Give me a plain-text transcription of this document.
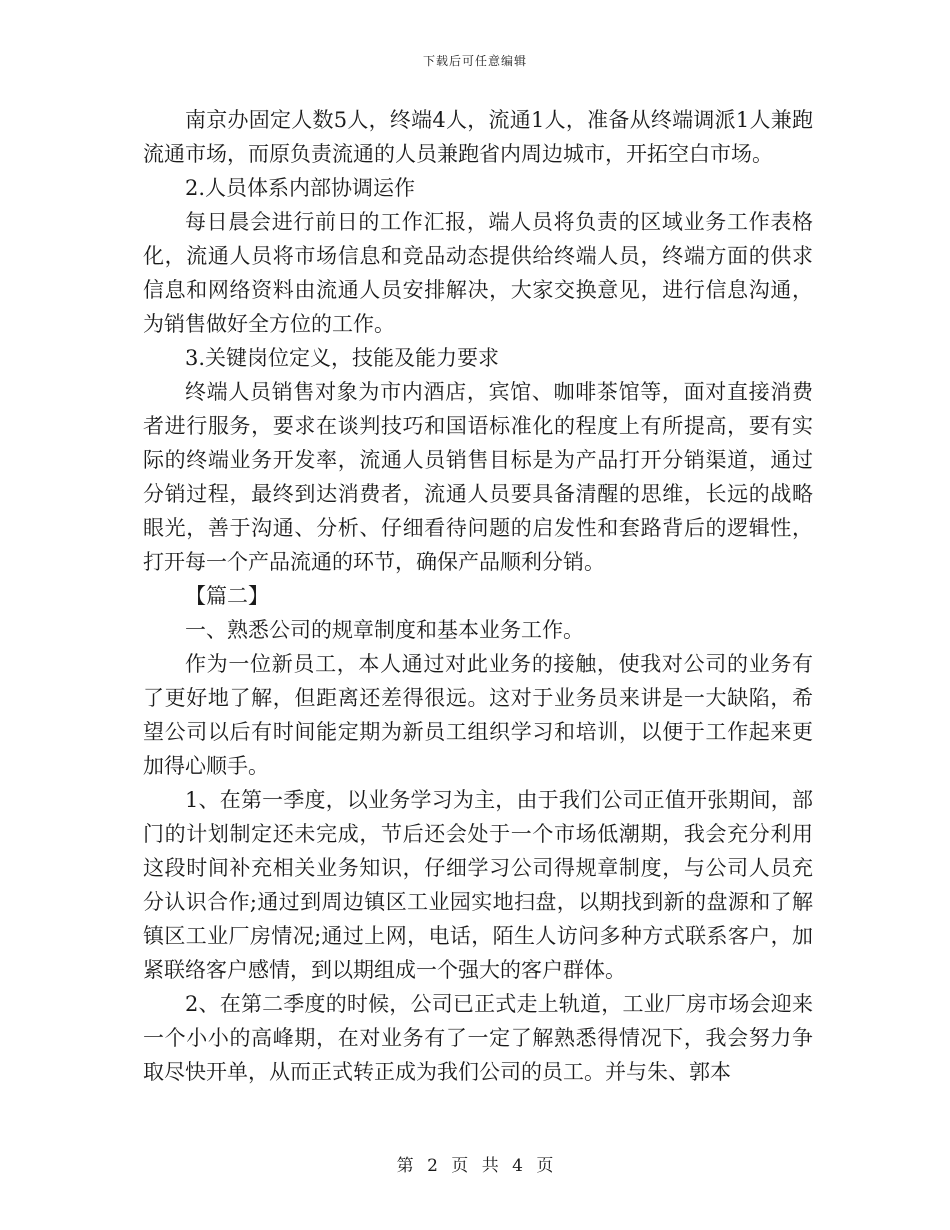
下载后可任意编辑

南京办固定人数5人，终端4人，流通1人，准备从终端调派1人兼跑流通市场，而原负责流通的人员兼跑省内周边城市，开拓空白市场。

2.人员体系内部协调运作

每日晨会进行前日的工作汇报，端人员将负责的区域业务工作表格化，流通人员将市场信息和竞品动态提供给终端人员，终端方面的供求信息和网络资料由流通人员安排解决，大家交换意见，进行信息沟通，为销售做好全方位的工作。

3.关键岗位定义，技能及能力要求

终端人员销售对象为市内酒店，宾馆、咖啡茶馆等，面对直接消费者进行服务，要求在谈判技巧和国语标准化的程度上有所提高，要有实际的终端业务开发率，流通人员销售目标是为产品打开分销渠道，通过分销过程，最终到达消费者，流通人员要具备清醒的思维，长远的战略眼光，善于沟通、分析、仔细看待问题的启发性和套路背后的逻辑性，打开每一个产品流通的环节，确保产品顺利分销。

【篇二】

一、熟悉公司的规章制度和基本业务工作。

作为一位新员工，本人通过对此业务的接触，使我对公司的业务有了更好地了解，但距离还差得很远。这对于业务员来讲是一大缺陷，希望公司以后有时间能定期为新员工组织学习和培训，以便于工作起来更加得心顺手。

1、在第一季度，以业务学习为主，由于我们公司正值开张期间，部门的计划制定还未完成，节后还会处于一个市场低潮期，我会充分利用这段时间补充相关业务知识，仔细学习公司得规章制度，与公司人员充分认识合作;通过到周边镇区工业园实地扫盘，以期找到新的盘源和了解镇区工业厂房情况;通过上网，电话，陌生人访问多种方式联系客户，加紧联络客户感情，到以期组成一个强大的客户群体。

2、在第二季度的时候，公司已正式走上轨道，工业厂房市场会迎来一个小小的高峰期，在对业务有了一定了解熟悉得情况下，我会努力争取尽快开单，从而正式转正成为我们公司的员工。并与朱、郭本

第 2 页 共 4 页
